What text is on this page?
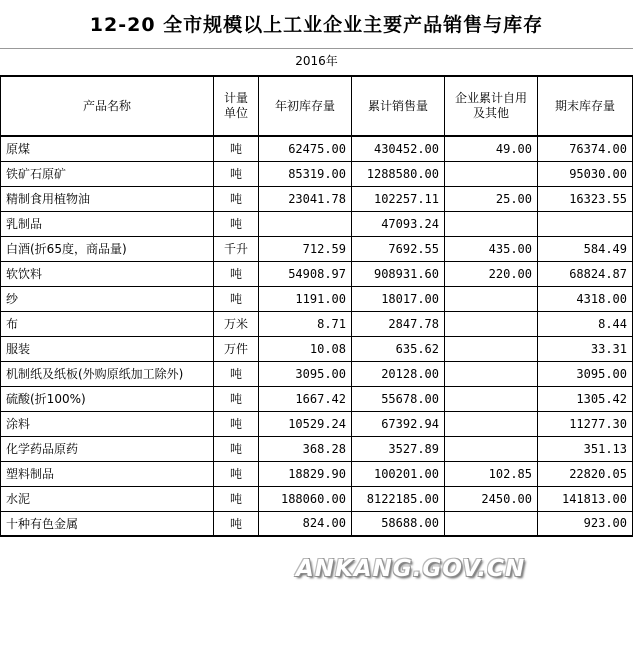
12-20 全市规模以上工业企业主要产品销售与库存
2016年
产品名称	计量单位	年初库存量	累计销售量	企业累计自用及其他	期末库存量
原煤	吨	62475.00	430452.00	49.00	76374.00
铁矿石原矿	吨	85319.00	1288580.00		95030.00
精制食用植物油	吨	23041.78	102257.11	25.00	16323.55
乳制品	吨		47093.24		
白酒(折65度，商品量)	千升	712.59	7692.55	435.00	584.49
软饮料	吨	54908.97	908931.60	220.00	68824.87
纱	吨	1191.00	18017.00		4318.00
布	万米	8.71	2847.78		8.44
服装	万件	10.08	635.62		33.31
机制纸及纸板(外购原纸加工除外)	吨	3095.00	20128.00		3095.00
硫酸(折100%)	吨	1667.42	55678.00		1305.42
涂料	吨	10529.24	67392.94		11277.30
化学药品原药	吨	368.28	3527.89		351.13
塑料制品	吨	18829.90	100201.00	102.85	22820.05
水泥	吨	188060.00	8122185.00	2450.00	141813.00
十种有色金属	吨	824.00	58688.00		923.00
ANKANG.GOV.CN
